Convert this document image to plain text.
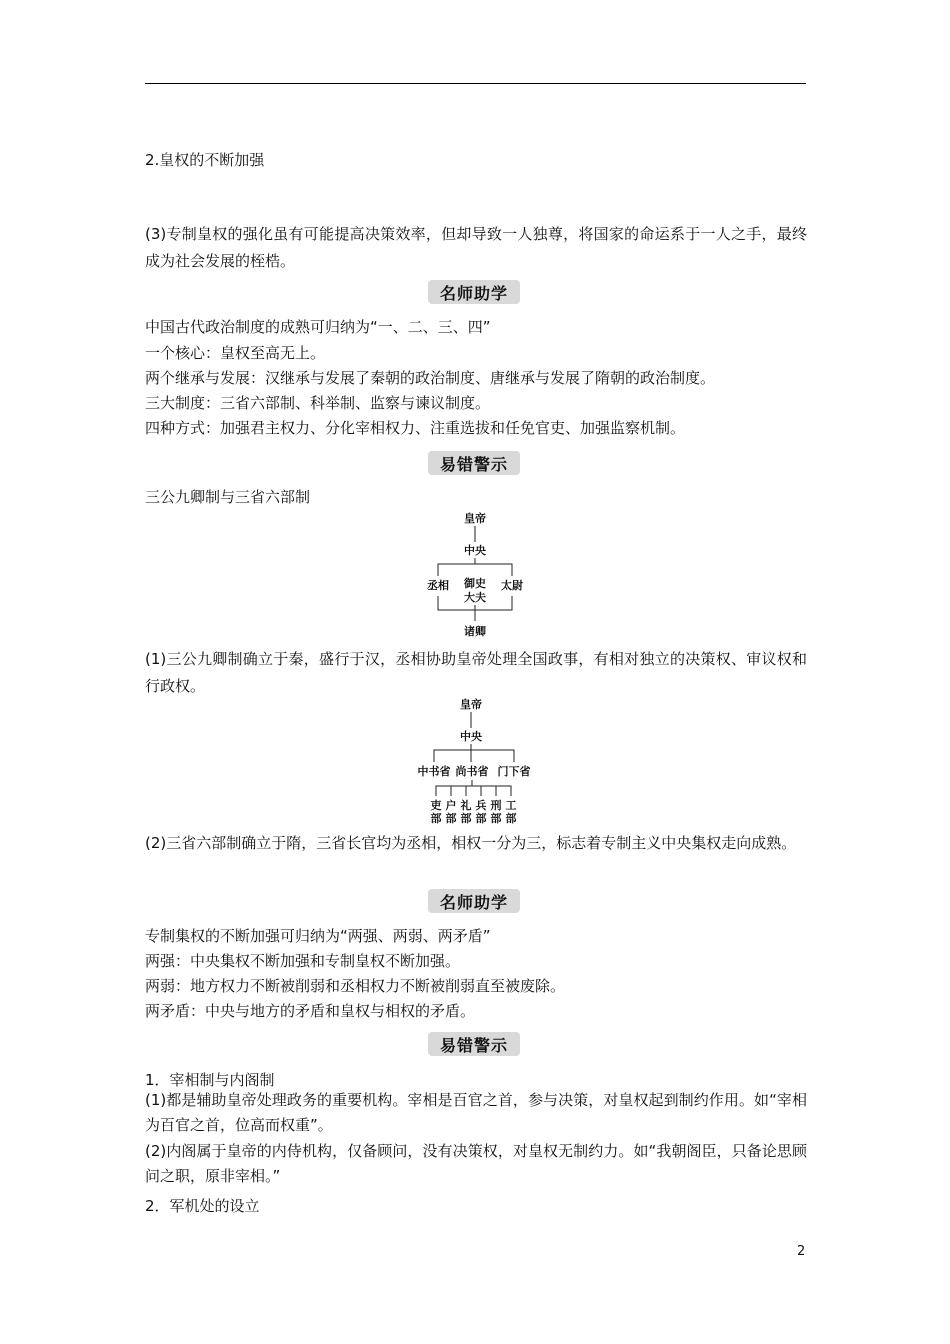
2.皇权的不断加强
(3)专制皇权的强化虽有可能提高决策效率，但却导致一人独尊，将国家的命运系于一人之手，最终成为社会发展的桎梏。
名师助学
中国古代政治制度的成熟可归纳为“一、二、三、四”
一个核心：皇权至高无上。
两个继承与发展：汉继承与发展了秦朝的政治制度、唐继承与发展了隋朝的政治制度。
三大制度：三省六部制、科举制、监察与谏议制度。
四种方式：加强君主权力、分化宰相权力、注重选拔和任免官吏、加强监察机制。
易错警示
三公九卿制与三省六部制
皇帝
中央
丞相 御史
大夫
太尉
诸卿
(1)三公九卿制确立于秦，盛行于汉，丞相协助皇帝处理全国政事，有相对独立的决策权、审议权和行政权。
皇帝
中央
中书省 尚书省 门下省
吏 户 礼 兵 刑 工
部 部 部 部 部 部
(2)三省六部制确立于隋，三省长官均为丞相，相权一分为三，标志着专制主义中央集权走向成熟。
名师助学
专制集权的不断加强可归纳为“两强、两弱、两矛盾”
两强：中央集权不断加强和专制皇权不断加强。
两弱：地方权力不断被削弱和丞相权力不断被削弱直至被废除。
两矛盾：中央与地方的矛盾和皇权与相权的矛盾。
易错警示
1．宰相制与内阁制
(1)都是辅助皇帝处理政务的重要机构。宰相是百官之首，参与决策，对皇权起到制约作用。如“宰相为百官之首，位高而权重”。
(2)内阁属于皇帝的内侍机构，仅备顾问，没有决策权，对皇权无制约力。如“我朝阁臣，只备论思顾问之职，原非宰相。”
2．军机处的设立
2
